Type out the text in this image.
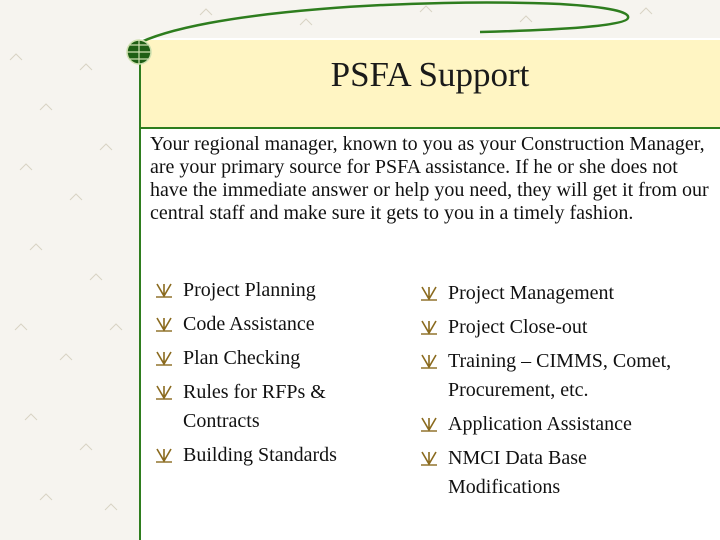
PSFA Support

Your regional manager, known to you as your Construction Manager, are your primary source for PSFA assistance. If he or she does not have the immediate answer or help you need, they will get it from our central staff and make sure it gets to you in a timely fashion.

Project Planning
Code Assistance
Plan Checking
Rules for RFPs & Contracts
Building Standards
Project Management
Project Close-out
Training – CIMMS, Comet, Procurement, etc.
Application Assistance
NMCI Data Base Modifications
